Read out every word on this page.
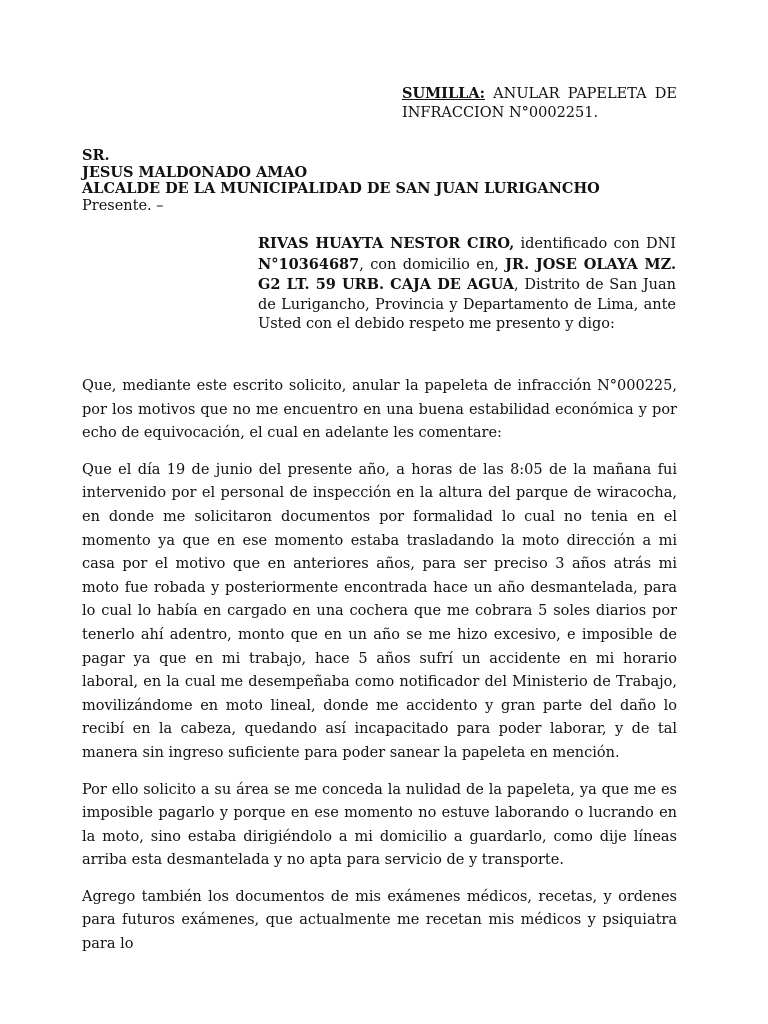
SUMILLA: ANULAR PAPELETA DE INFRACCION N°0002251.
SR.
JESUS MALDONADO AMAO
ALCALDE DE LA MUNICIPALIDAD DE SAN JUAN LURIGANCHO
Presente. –
RIVAS HUAYTA NESTOR CIRO, identificado con DNI N°10364687, con domicilio en, JR. JOSE OLAYA MZ. G2 LT. 59 URB. CAJA DE AGUA, Distrito de San Juan de Lurigancho, Provincia y Departamento de Lima, ante Usted con el debido respeto me presento y digo:

Que, mediante este escrito solicito, anular la papeleta de infracción N°000225, por los motivos que no me encuentro en una buena estabilidad económica y por echo de equivocación, el cual en adelante les comentare:

Que el día 19 de junio del presente año, a horas de las 8:05 de la mañana fui intervenido por el personal de inspección en la altura del parque de wiracocha, en donde me solicitaron documentos por formalidad lo cual no tenia en el momento ya que en ese momento estaba trasladando la moto dirección a mi casa por el motivo que en anteriores años, para ser preciso 3 años atrás mi moto fue robada y posteriormente encontrada hace un año desmantelada, para lo cual lo había en cargado en una cochera que me cobrara 5 soles diarios por tenerlo ahí adentro, monto que en un año se me hizo excesivo, e imposible de pagar ya que en mi trabajo, hace 5 años sufrí un accidente en mi horario laboral, en la cual me desempeñaba como notificador del Ministerio de Trabajo, movilizándome en moto lineal, donde me accidento y gran parte del daño lo recibí en la cabeza, quedando así incapacitado para poder laborar, y de tal manera sin ingreso suficiente para poder sanear la papeleta en mención.

Por ello solicito a su área se me conceda la nulidad de la papeleta, ya que me es imposible pagarlo y porque en ese momento no estuve laborando o lucrando en la moto, sino estaba dirigiéndolo a mi domicilio a guardarlo, como dije líneas arriba esta desmantelada y no apta para servicio de y transporte.

Agrego también los documentos de mis exámenes médicos, recetas, y ordenes para futuros exámenes, que actualmente me recetan mis médicos y psiquiatra para lo
